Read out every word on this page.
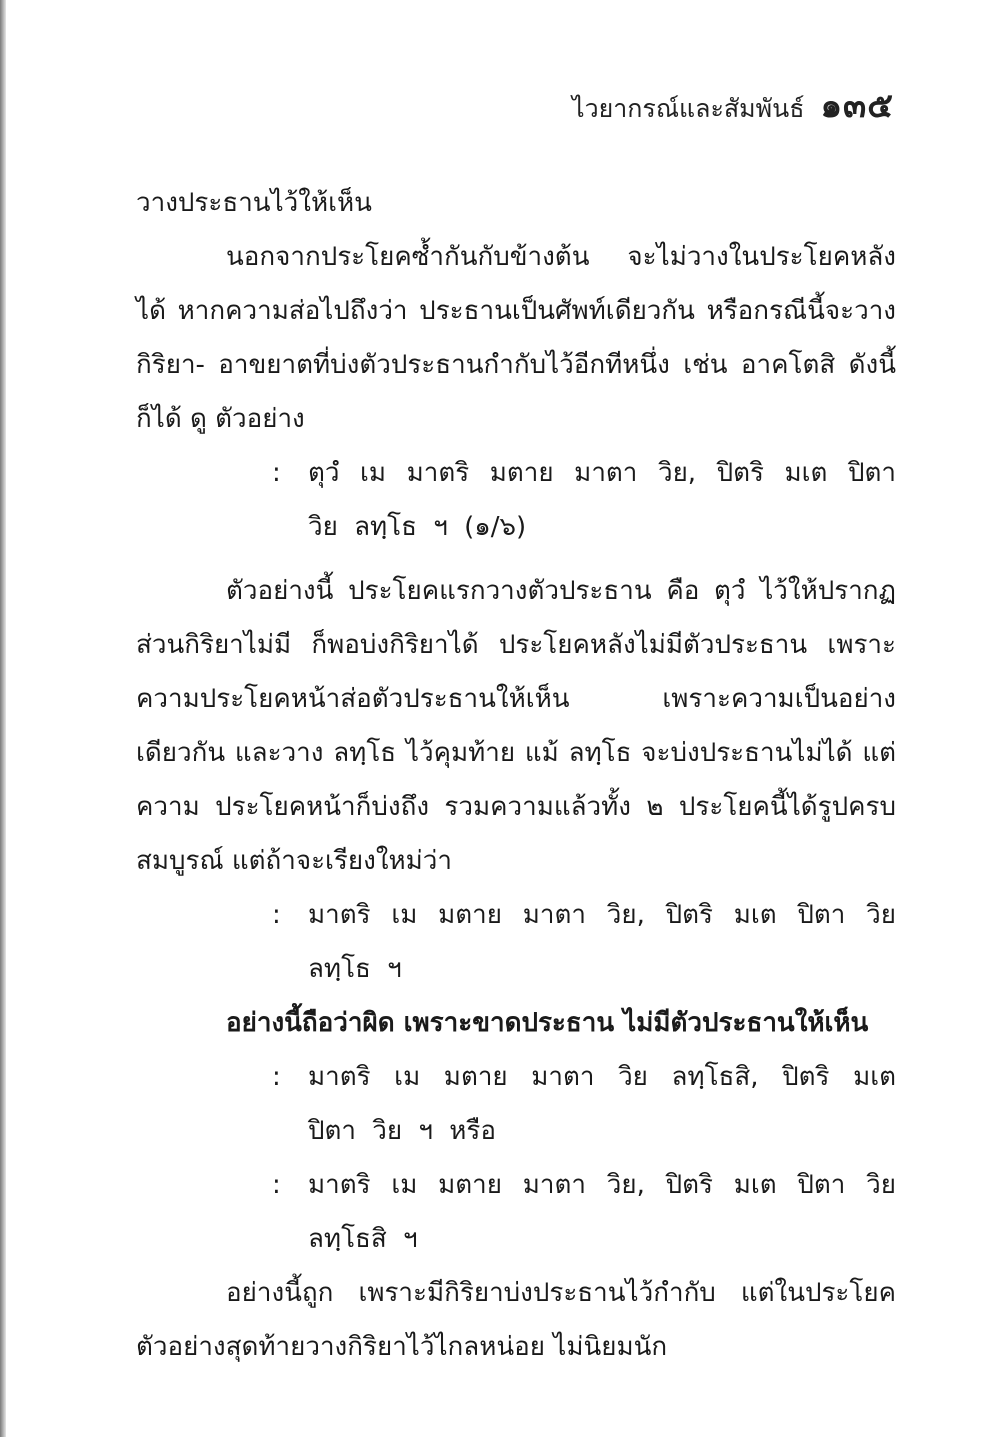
ไวยากรณ์และสัมพันธ์ ๑๓๕

วางประธานไว้ให้เห็น

นอกจากประโยคซ้ำกันกับข้างต้น จะไม่วางในประโยคหลังได้ หากความส่อไปถึงว่า ประธานเป็นศัพท์เดียวกัน หรือกรณีนี้จะวางกิริยา- อาขยาตที่บ่งตัวประธานกำกับไว้อีกทีหนึ่ง เช่น อาคโตสิ ดังนี้ก็ได้ ดู ตัวอย่าง

:	ตุวํ เม มาตริ มตาย มาตา วิย, ปิตริ มเต ปิตา วิย ลทฺโธ ฯ (๑/๖)

ตัวอย่างนี้ ประโยคแรกวางตัวประธาน คือ ตุวํ ไว้ให้ปรากฏ ส่วนกิริยาไม่มี ก็พอบ่งกิริยาได้ ประโยคหลังไม่มีตัวประธาน เพราะ ความประโยคหน้าส่อตัวประธานให้เห็น เพราะความเป็นอย่างเดียวกัน และวาง ลทฺโธ ไว้คุมท้าย แม้ ลทฺโธ จะบ่งประธานไม่ได้ แต่ความ ประโยคหน้าก็บ่งถึง รวมความแล้วทั้ง ๒ ประโยคนี้ได้รูปครบสมบูรณ์ แต่ถ้าจะเรียงใหม่ว่า

:	มาตริ เม มตาย มาตา วิย, ปิตริ มเต ปิตา วิย ลทฺโธ ฯ

อย่างนี้ถือว่าผิด เพราะขาดประธาน ไม่มีตัวประธานให้เห็น

:	มาตริ เม มตาย มาตา วิย ลทฺโธสิ, ปิตริ มเต ปิตา วิย ฯ หรือ
:	มาตริ เม มตาย มาตา วิย, ปิตริ มเต ปิตา วิย ลทฺโธสิ ฯ

อย่างนี้ถูก เพราะมีกิริยาบ่งประธานไว้กำกับ แต่ในประโยค ตัวอย่างสุดท้ายวางกิริยาไว้ไกลหน่อย ไม่นิยมนัก
